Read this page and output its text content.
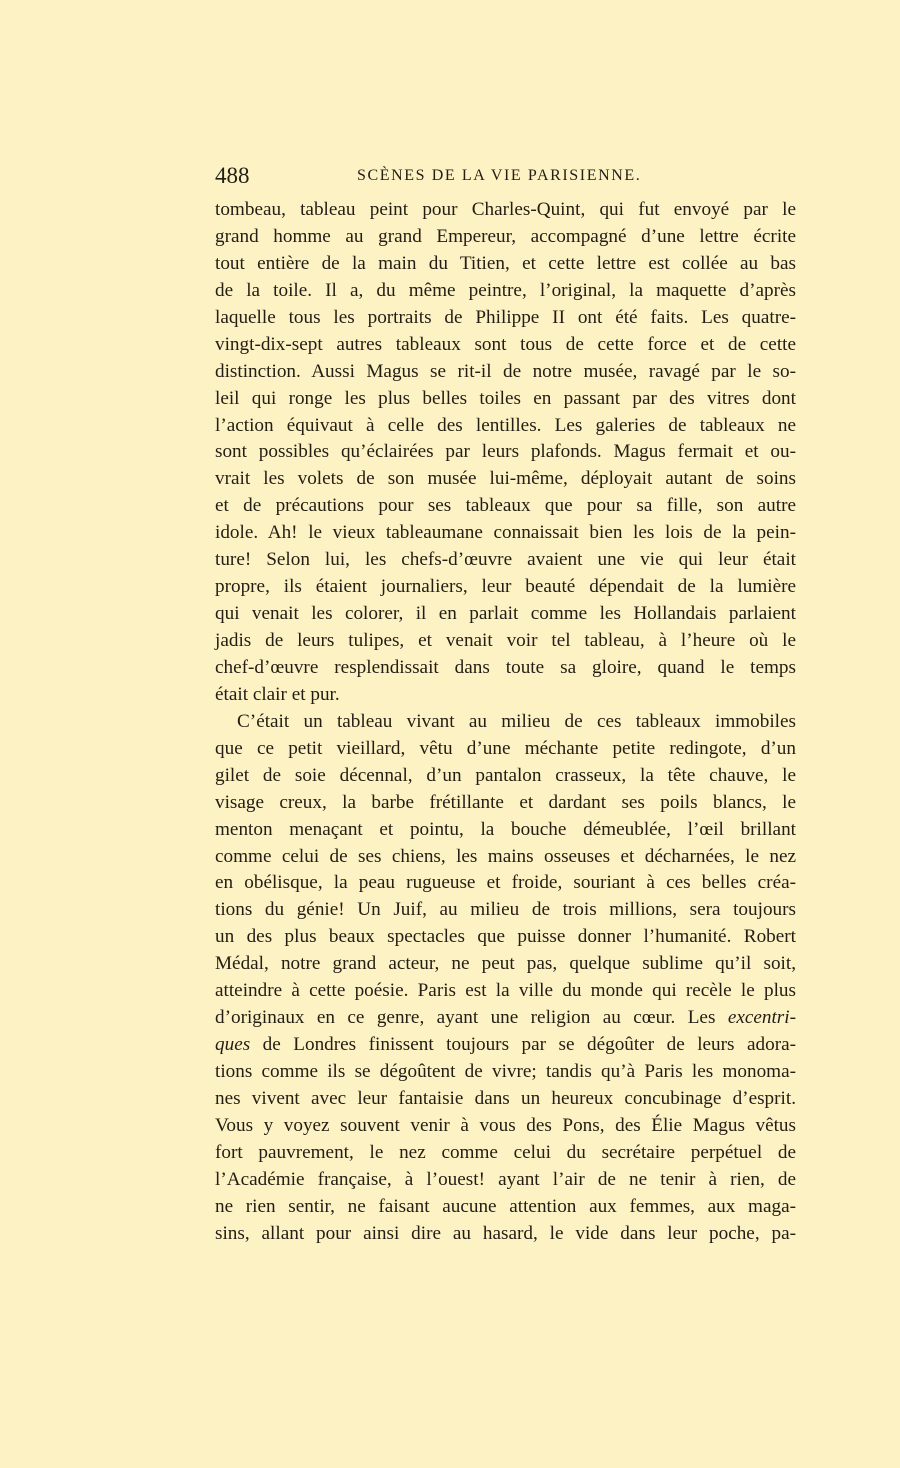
488	SCÈNES DE LA VIE PARISIENNE.
tombeau, tableau peint pour Charles-Quint, qui fut envoyé par le
grand homme au grand Empereur, accompagné d’une lettre écrite
tout entière de la main du Titien, et cette lettre est collée au bas
de la toile. Il a, du même peintre, l’original, la maquette d’après
laquelle tous les portraits de Philippe II ont été faits. Les quatre-
vingt-dix-sept autres tableaux sont tous de cette force et de cette
distinction. Aussi Magus se rit-il de notre musée, ravagé par le so-
leil qui ronge les plus belles toiles en passant par des vitres dont
l’action équivaut à celle des lentilles. Les galeries de tableaux ne
sont possibles qu’éclairées par leurs plafonds. Magus fermait et ou-
vrait les volets de son musée lui-même, déployait autant de soins
et de précautions pour ses tableaux que pour sa fille, son autre
idole. Ah! le vieux tableaumane connaissait bien les lois de la pein-
ture! Selon lui, les chefs-d’œuvre avaient une vie qui leur était
propre, ils étaient journaliers, leur beauté dépendait de la lumière
qui venait les colorer, il en parlait comme les Hollandais parlaient
jadis de leurs tulipes, et venait voir tel tableau, à l’heure où le
chef-d’œuvre resplendissait dans toute sa gloire, quand le temps
était clair et pur.
C’était un tableau vivant au milieu de ces tableaux immobiles
que ce petit vieillard, vêtu d’une méchante petite redingote, d’un
gilet de soie décennal, d’un pantalon crasseux, la tête chauve, le
visage creux, la barbe frétillante et dardant ses poils blancs, le
menton menaçant et pointu, la bouche démeublée, l’œil brillant
comme celui de ses chiens, les mains osseuses et décharnées, le nez
en obélisque, la peau rugueuse et froide, souriant à ces belles créa-
tions du génie! Un Juif, au milieu de trois millions, sera toujours
un des plus beaux spectacles que puisse donner l’humanité. Robert
Médal, notre grand acteur, ne peut pas, quelque sublime qu’il soit,
atteindre à cette poésie. Paris est la ville du monde qui recèle le plus
d’originaux en ce genre, ayant une religion au cœur. Les excentri-
ques de Londres finissent toujours par se dégoûter de leurs adora-
tions comme ils se dégoûtent de vivre; tandis qu’à Paris les monoma-
nes vivent avec leur fantaisie dans un heureux concubinage d’esprit.
Vous y voyez souvent venir à vous des Pons, des Élie Magus vêtus
fort pauvrement, le nez comme celui du secrétaire perpétuel de
l’Académie française, à l’ouest! ayant l’air de ne tenir à rien, de
ne rien sentir, ne faisant aucune attention aux femmes, aux maga-
sins, allant pour ainsi dire au hasard, le vide dans leur poche, pa-
